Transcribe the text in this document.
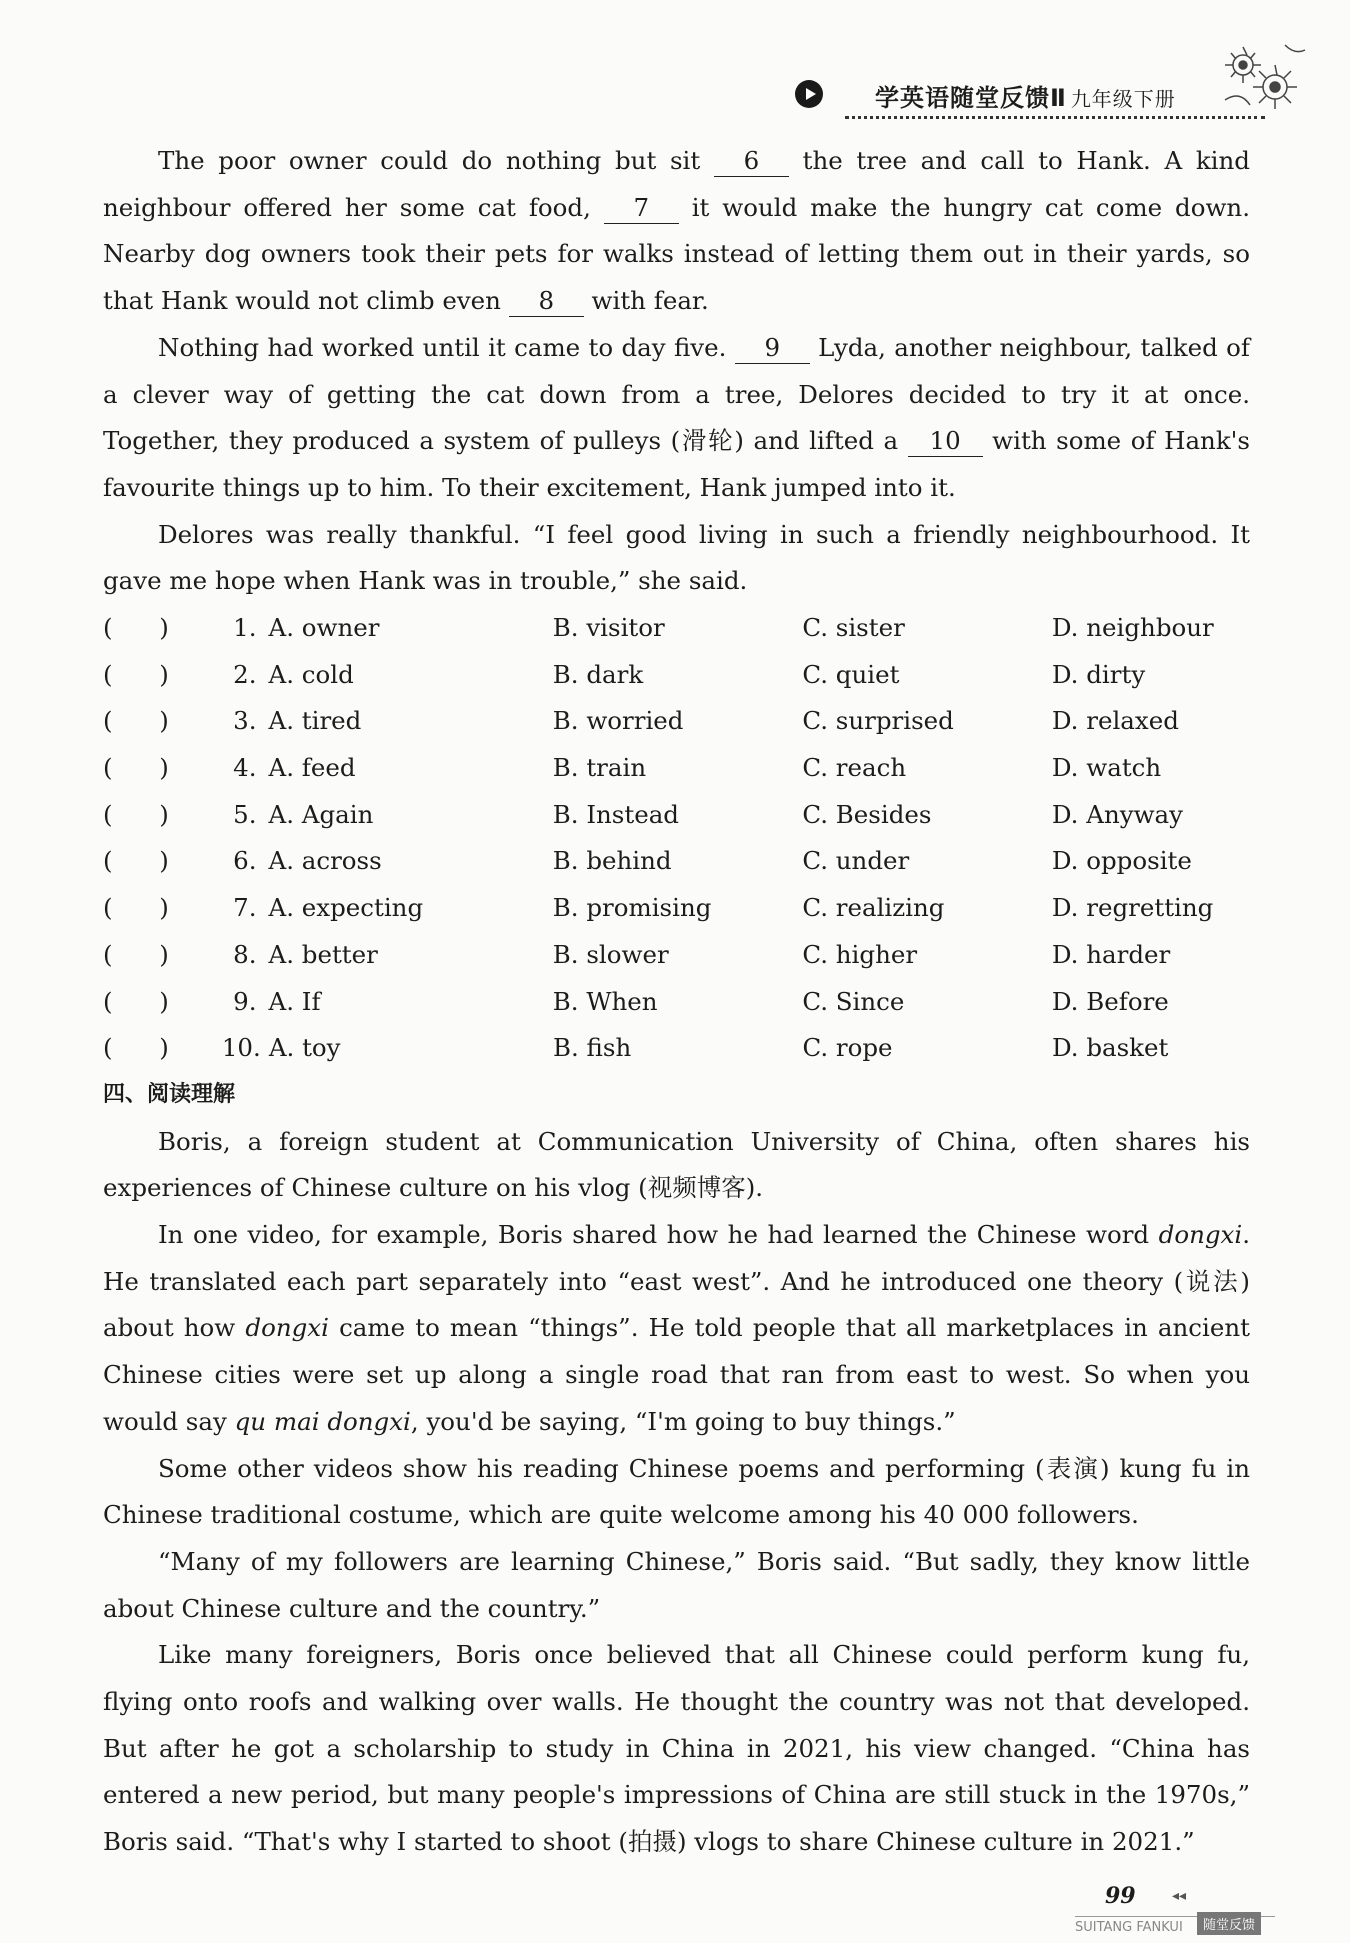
学英语随堂反馈Ⅱ 九年级下册

The poor owner could do nothing but sit 6 the tree and call to Hank. A kind neighbour offered her some cat food, 7 it would make the hungry cat come down. Nearby dog owners took their pets for walks instead of letting them out in their yards, so that Hank would not climb even 8 with fear.

Nothing had worked until it came to day five. 9 Lyda, another neighbour, talked of a clever way of getting the cat down from a tree, Delores decided to try it at once. Together, they produced a system of pulleys (滑轮) and lifted a 10 with some of Hank's favourite things up to him. To their excitement, Hank jumped into it.

Delores was really thankful. “I feel good living in such a friendly neighbourhood. It gave me hope when Hank was in trouble,” she said.

(      )	1. A. owner	B. visitor	C. sister	D. neighbour
(      )	2. A. cold	B. dark	C. quiet	D. dirty
(      )	3. A. tired	B. worried	C. surprised	D. relaxed
(      )	4. A. feed	B. train	C. reach	D. watch
(      )	5. A. Again	B. Instead	C. Besides	D. Anyway
(      )	6. A. across	B. behind	C. under	D. opposite
(      )	7. A. expecting	B. promising	C. realizing	D. regretting
(      )	8. A. better	B. slower	C. higher	D. harder
(      )	9. A. If	B. When	C. Since	D. Before
(      )	10. A. toy	B. fish	C. rope	D. basket
四、阅读理解

Boris, a foreign student at Communication University of China, often shares his experiences of Chinese culture on his vlog (视频博客).

In one video, for example, Boris shared how he had learned the Chinese word dongxi. He translated each part separately into “east west”. And he introduced one theory (说法) about how dongxi came to mean “things”. He told people that all marketplaces in ancient Chinese cities were set up along a single road that ran from east to west. So when you would say qu mai dongxi, you'd be saying, “I'm going to buy things.”

Some other videos show his reading Chinese poems and performing (表演) kung fu in Chinese traditional costume, which are quite welcome among his 40 000 followers.

“Many of my followers are learning Chinese,” Boris said. “But sadly, they know little about Chinese culture and the country.”

Like many foreigners, Boris once believed that all Chinese could perform kung fu, flying onto roofs and walking over walls. He thought the country was not that developed. But after he got a scholarship to study in China in 2021, his view changed. “China has entered a new period, but many people's impressions of China are still stuck in the 1970s,” Boris said. “That's why I started to shoot (拍摄) vlogs to share Chinese culture in 2021.”

99	◂◂
SUITANG FANKUI	随堂反馈
